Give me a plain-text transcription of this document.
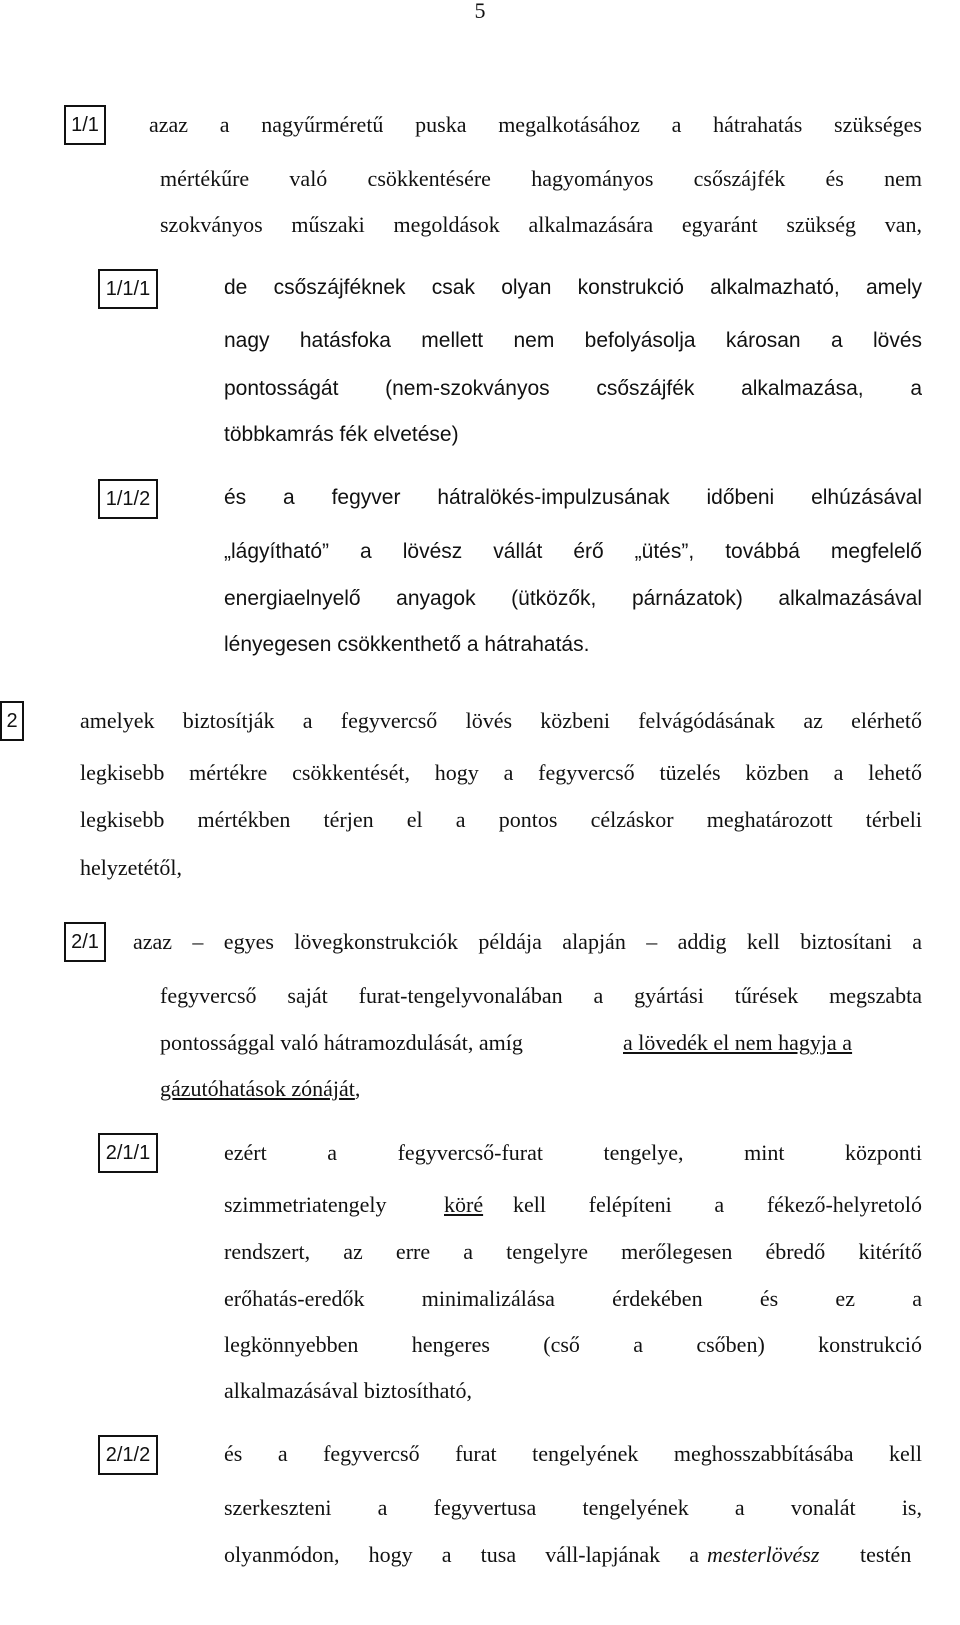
5
1/1	azaz a nagyűrméretű puska megalkotásához a hátrahatás szükséges
mértékűre való csökkentésére hagyományos csőszájfék és nem
szokványos műszaki megoldások alkalmazására egyaránt szükség van,
1/1/1	de csőszájféknek csak olyan konstrukció alkalmazható, amely
nagy hatásfoka mellett nem befolyásolja károsan a lövés
pontosságát (nem-szokványos csőszájfék alkalmazása, a
többkamrás fék elvetése)
1/1/2	és a fegyver hátralökés-impulzusának időbeni elhúzásával
„lágyítható” a lövész vállát érő „ütés”, továbbá megfelelő
energiaelnyelő anyagok (ütközők, párnázatok) alkalmazásával
lényegesen csökkenthető a hátrahatás.
2	amelyek biztosítják a fegyvercső lövés közbeni felvágódásának az elérhető
legkisebb mértékre csökkentését, hogy a fegyvercső tüzelés közben a lehető
legkisebb mértékben térjen el a pontos célzáskor meghatározott térbeli
helyzetétől,
2/1	azaz – egyes lövegkonstrukciók példája alapján – addig kell biztosítani a
fegyvercső saját furat-tengelyvonalában a gyártási tűrések megszabta
pontossággal való hátramozdulását, amíg	a lövedék el nem hagyja a
gázutóhatások zónáját,
2/1/1	ezért a fegyvercső-furat tengelye, mint központi
szimmetriatengely	köré kell felépíteni a fékező-helyretoló
rendszert, az erre a tengelyre merőlegesen ébredő kitérítő
erőhatás-eredők minimalizálása érdekében és ez a
legkönnyebben hengeres (cső a csőben) konstrukció
alkalmazásával biztosítható,
2/1/2	és a fegyvercső furat tengelyének meghosszabbításába kell
szerkeszteni a fegyvertusa tengelyének a vonalát is,
olyanmódon, hogy a tusa váll-lapjának a mesterlövész testén
